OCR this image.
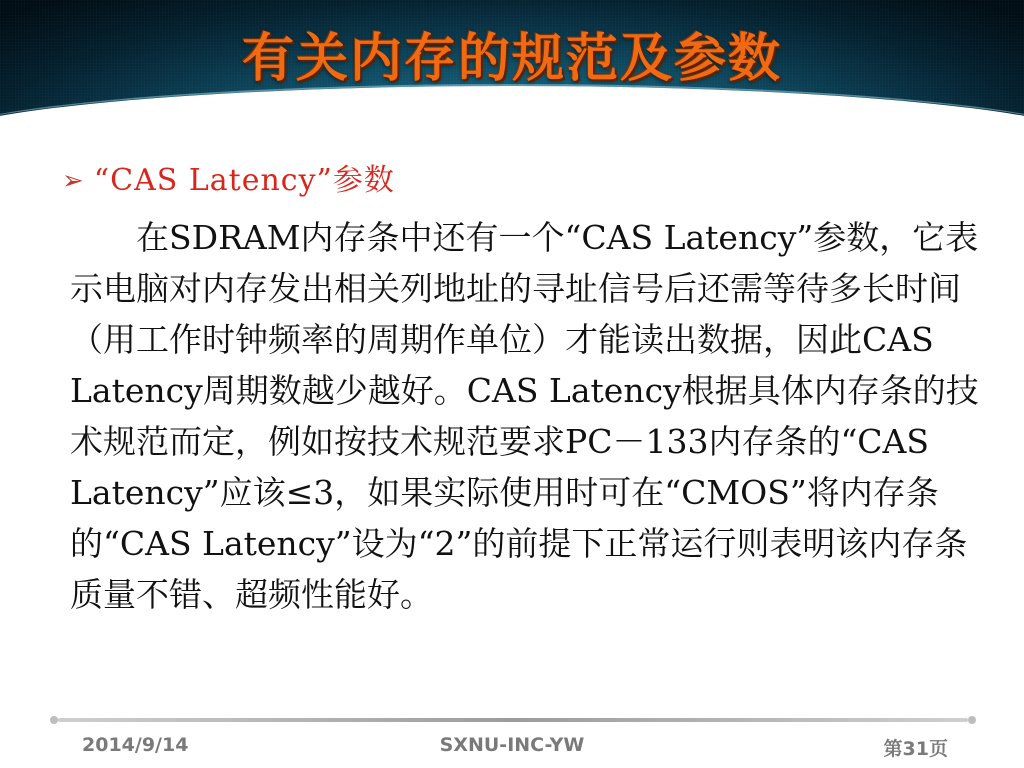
有关内存的规范及参数
➢ “CAS Latency”参数

　　在SDRAM内存条中还有一个“CAS Latency”参数，它表示电脑对内存发出相关列地址的寻址信号后还需等待多长时间（用工作时钟频率的周期作单位）才能读出数据，因此CAS Latency周期数越少越好。CAS Latency根据具体内存条的技术规范而定，例如按技术规范要求PC－133内存条的“CAS Latency”应该≤3，如果实际使用时可在“CMOS”将内存条的“CAS Latency”设为“2”的前提下正常运行则表明该内存条质量不错、超频性能好。

2014/9/14	SXNU-INC-YW	第31页
